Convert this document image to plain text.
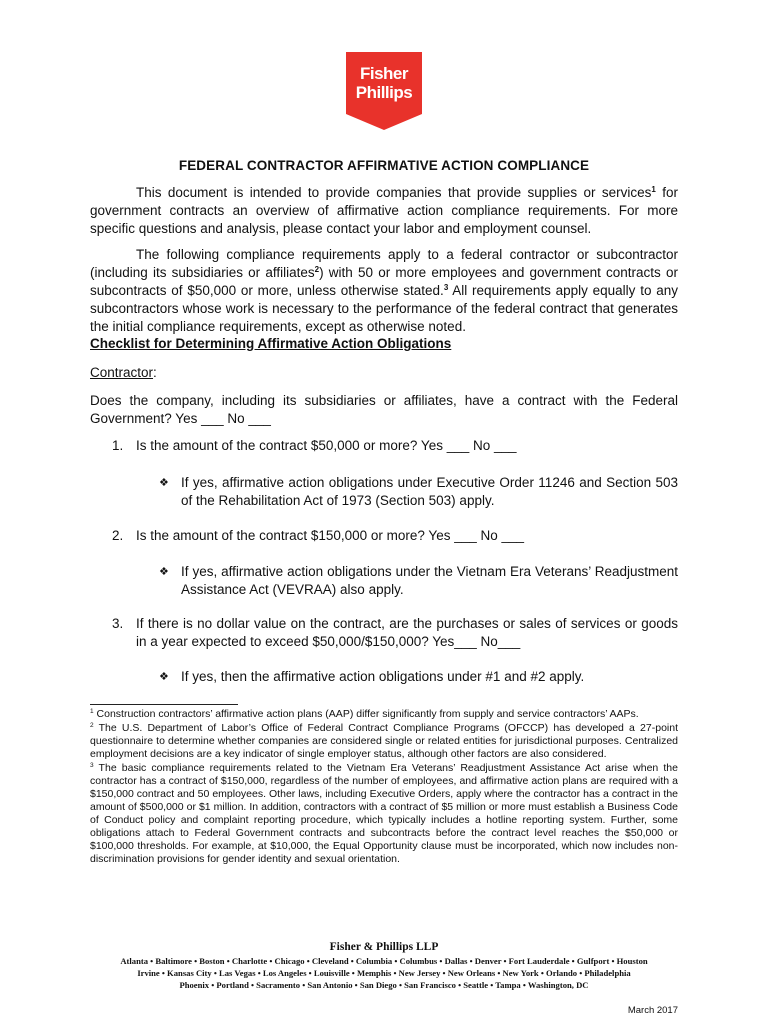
Fisher
Phillips
FEDERAL CONTRACTOR AFFIRMATIVE ACTION COMPLIANCE
This document is intended to provide companies that provide supplies or services$^1$ for government contracts an overview of affirmative action compliance requirements. For more specific questions and analysis, please contact your labor and employment counsel.
The following compliance requirements apply to a federal contractor or subcontractor (including its subsidiaries or affiliates$^2$) with 50 or more employees and government contracts or subcontracts of $50,000 or more, unless otherwise stated.$^3$ All requirements apply equally to any subcontractors whose work is necessary to the performance of the federal contract that generates the initial compliance requirements, except as otherwise noted.
Checklist for Determining Affirmative Action Obligations
Contractor:
Does the company, including its subsidiaries or affiliates, have a contract with the Federal Government? Yes ___ No ___
1. Is the amount of the contract $50,000 or more? Yes ___ No ___
❖ If yes, affirmative action obligations under Executive Order 11246 and Section 503 of the Rehabilitation Act of 1973 (Section 503) apply.
2. Is the amount of the contract $150,000 or more? Yes ___ No ___
❖ If yes, affirmative action obligations under the Vietnam Era Veterans’ Readjustment Assistance Act (VEVRAA) also apply.
3. If there is no dollar value on the contract, are the purchases or sales of services or goods in a year expected to exceed $50,000/$150,000? Yes___ No___
❖ If yes, then the affirmative action obligations under #1 and #2 apply.
$^1$ Construction contractors’ affirmative action plans (AAP) differ significantly from supply and service contractors’ AAPs.
$^2$ The U.S. Department of Labor’s Office of Federal Contract Compliance Programs (OFCCP) has developed a 27-point questionnaire to determine whether companies are considered single or related entities for jurisdictional purposes. Centralized employment decisions are a key indicator of single employer status, although other factors are also considered.
$^3$ The basic compliance requirements related to the Vietnam Era Veterans’ Readjustment Assistance Act arise when the contractor has a contract of $150,000, regardless of the number of employees, and affirmative action plans are required with a $150,000 contract and 50 employees. Other laws, including Executive Orders, apply where the contractor has a contract in the amount of $500,000 or $1 million. In addition, contractors with a contract of $5 million or more must establish a Business Code of Conduct policy and complaint reporting procedure, which typically includes a hotline reporting system. Further, some obligations attach to Federal Government contracts and subcontracts before the contract level reaches the $50,000 or $100,000 thresholds. For example, at $10,000, the Equal Opportunity clause must be incorporated, which now includes non-discrimination provisions for gender identity and sexual orientation.
Fisher & Phillips LLP
Atlanta • Baltimore • Boston • Charlotte • Chicago • Cleveland • Columbia • Columbus • Dallas • Denver • Fort Lauderdale • Gulfport • Houston
Irvine • Kansas City • Las Vegas • Los Angeles • Louisville • Memphis • New Jersey • New Orleans • New York • Orlando • Philadelphia
Phoenix • Portland • Sacramento • San Antonio • San Diego • San Francisco • Seattle • Tampa • Washington, DC
March 2017
